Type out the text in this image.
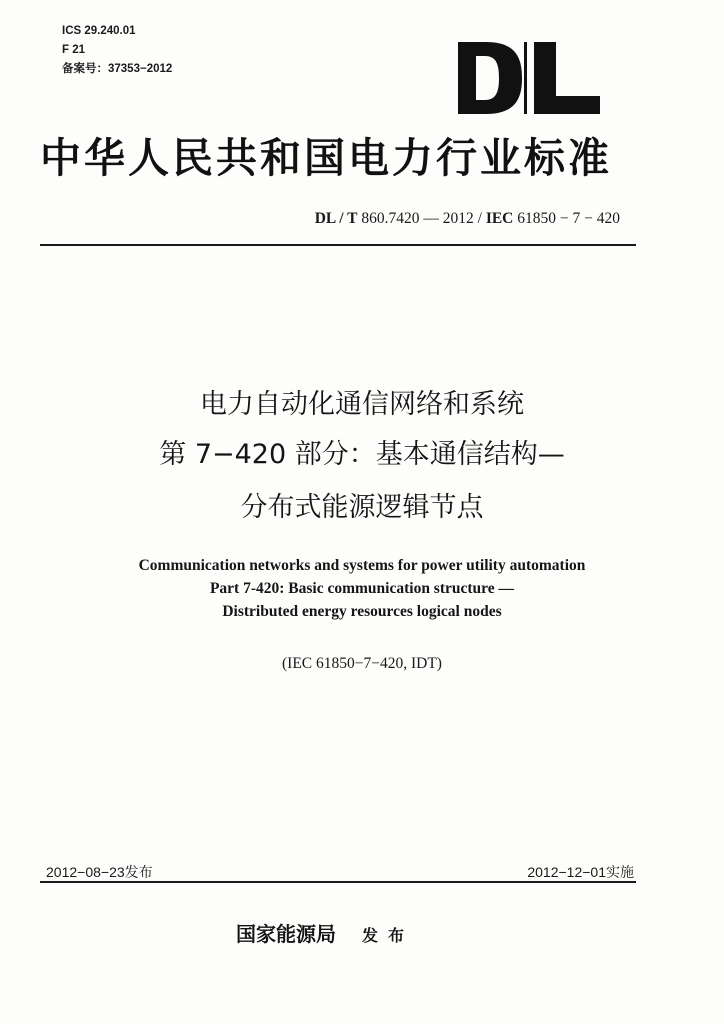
ICS 29.240.01
F 21
备案号：37353−2012
中华人民共和国电力行业标准
DL / T 860.7420 — 2012 / IEC 61850 − 7 − 420
电力自动化通信网络和系统
第 7−420 部分：基本通信结构—
分布式能源逻辑节点
Communication networks and systems for power utility automation
Part 7-420: Basic communication structure —
Distributed energy resources logical nodes
(IEC 61850−7−420, IDT)
2012−08−23发布	2012−12−01实施
国家能源局 发布
